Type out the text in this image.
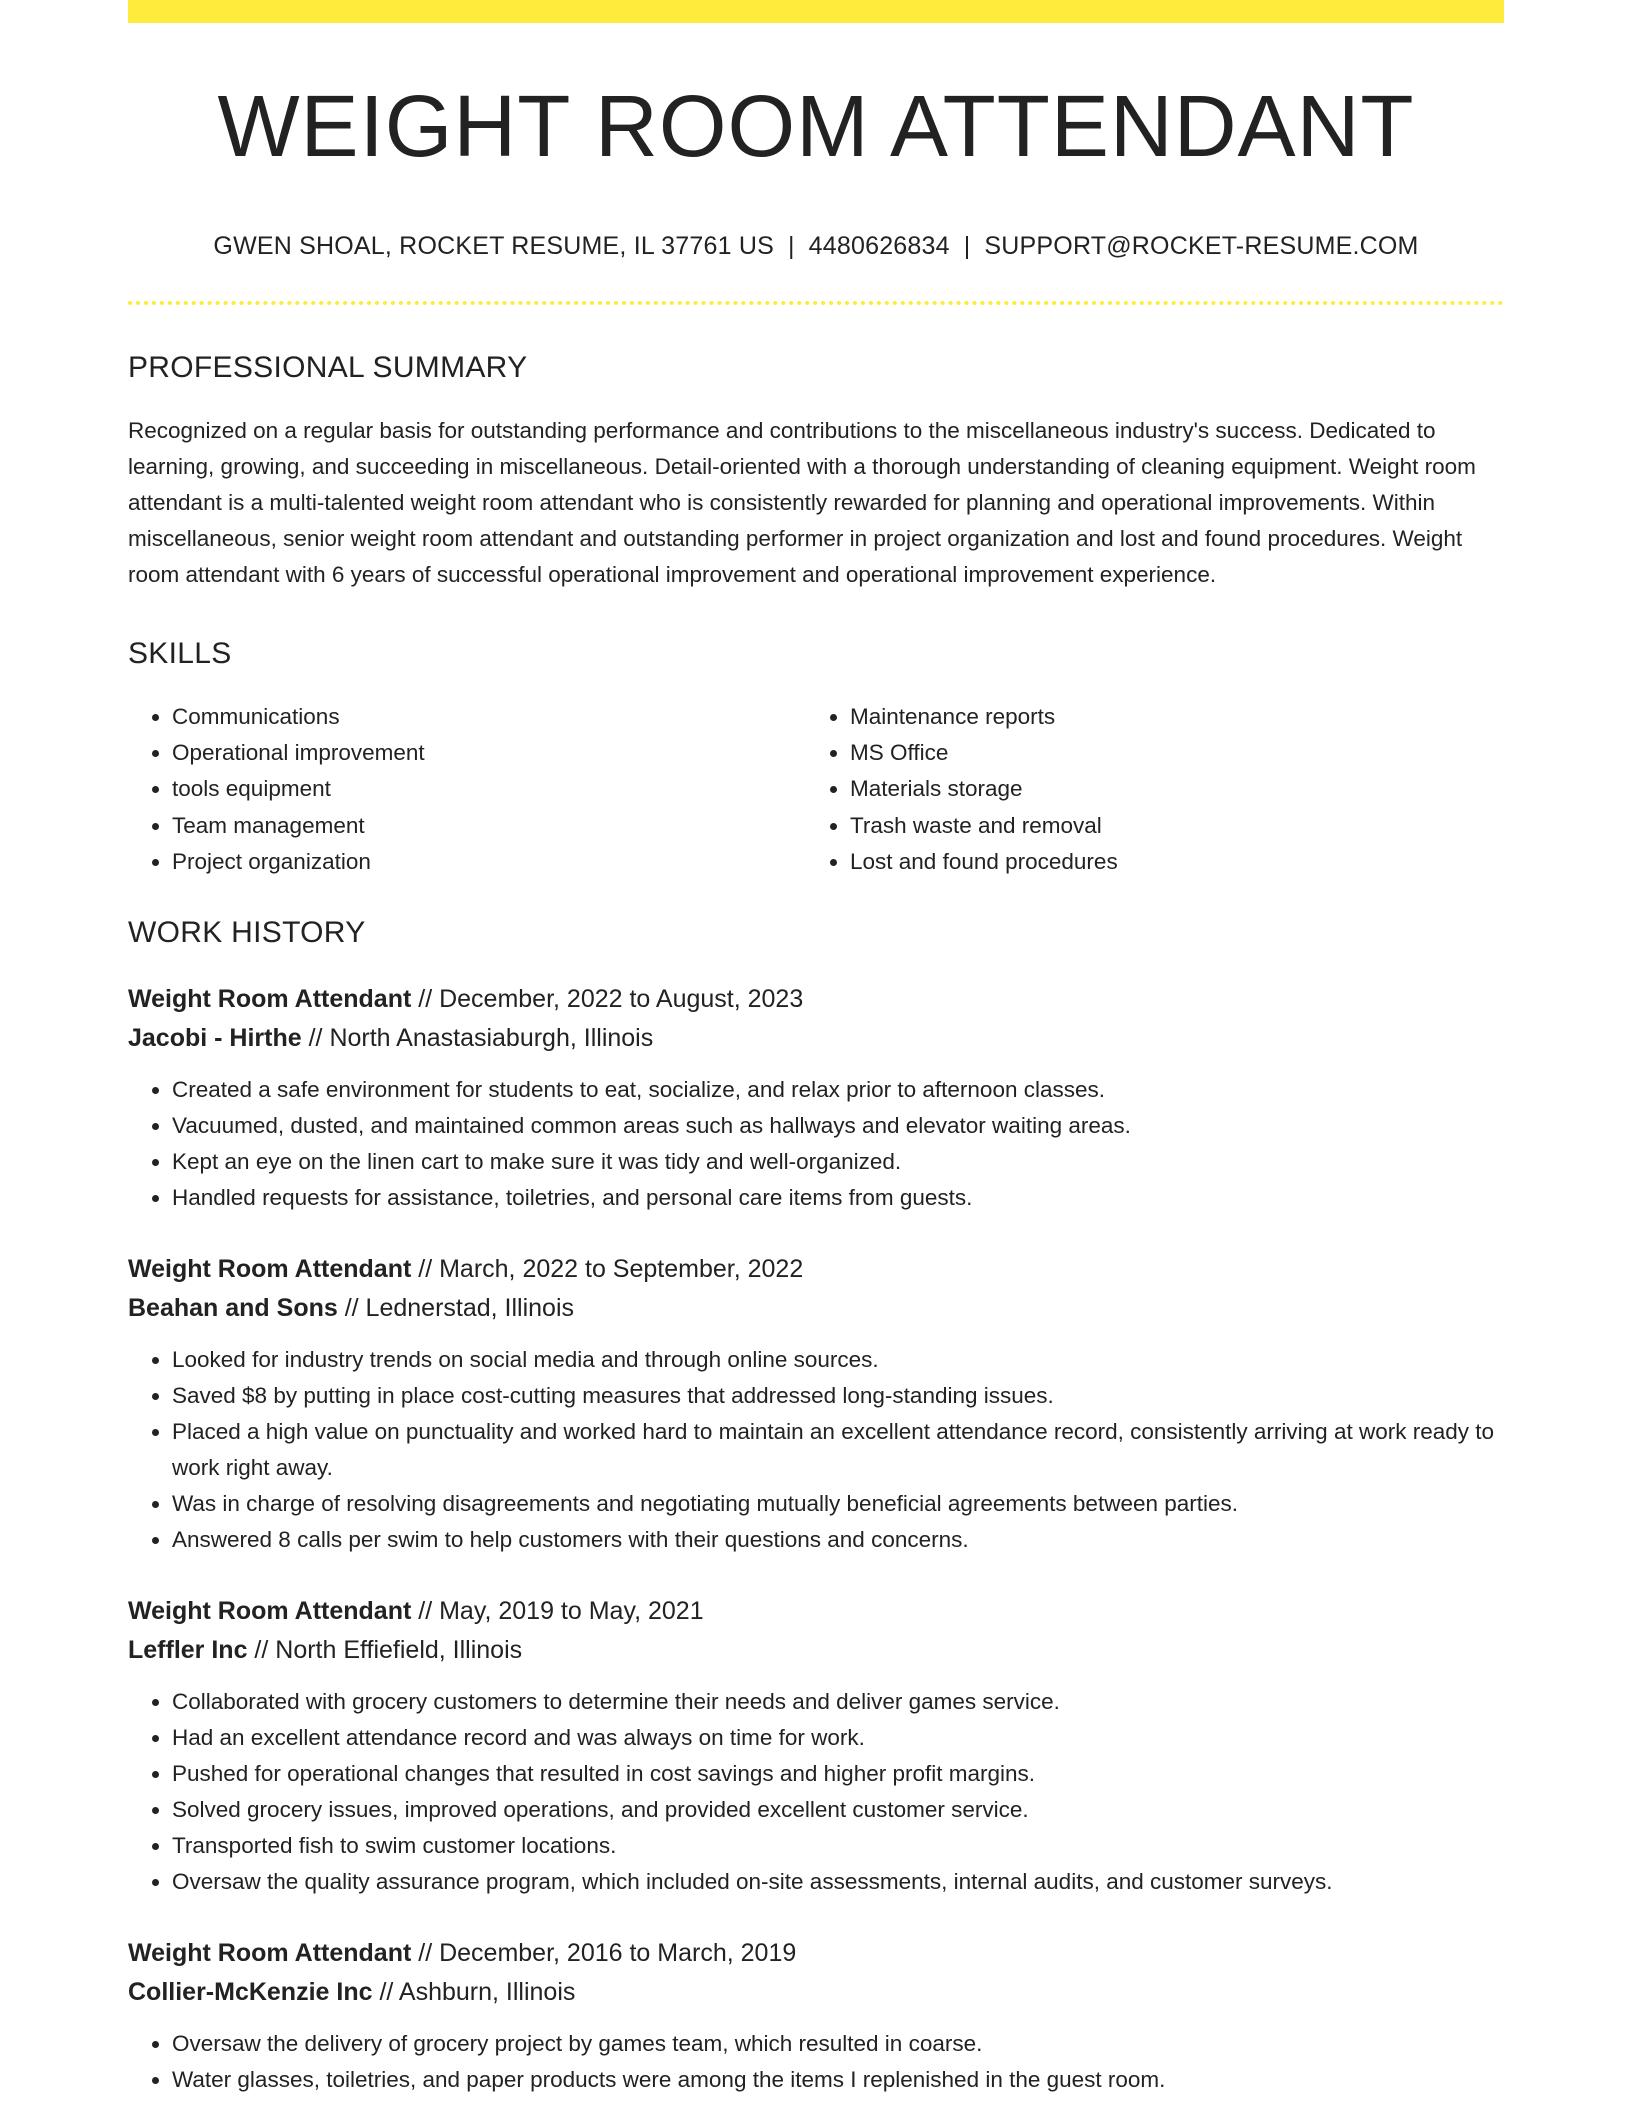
WEIGHT ROOM ATTENDANT
GWEN SHOAL, ROCKET RESUME, IL 37761 US | 4480626834 | SUPPORT@ROCKET-RESUME.COM
PROFESSIONAL SUMMARY

Recognized on a regular basis for outstanding performance and contributions to the miscellaneous industry's success. Dedicated to learning, growing, and succeeding in miscellaneous. Detail-oriented with a thorough understanding of cleaning equipment. Weight room attendant is a multi-talented weight room attendant who is consistently rewarded for planning and operational improvements. Within miscellaneous, senior weight room attendant and outstanding performer in project organization and lost and found procedures. Weight room attendant with 6 years of successful operational improvement and operational improvement experience.

SKILLS
• Communications
• Operational improvement
• tools equipment
• Team management
• Project organization
• Maintenance reports
• MS Office
• Materials storage
• Trash waste and removal
• Lost and found procedures
WORK HISTORY
Weight Room Attendant // December, 2022 to August, 2023
Jacobi - Hirthe // North Anastasiaburgh, Illinois
• Created a safe environment for students to eat, socialize, and relax prior to afternoon classes.
• Vacuumed, dusted, and maintained common areas such as hallways and elevator waiting areas.
• Kept an eye on the linen cart to make sure it was tidy and well-organized.
• Handled requests for assistance, toiletries, and personal care items from guests.
Weight Room Attendant // March, 2022 to September, 2022
Beahan and Sons // Lednerstad, Illinois
• Looked for industry trends on social media and through online sources.
• Saved $8 by putting in place cost-cutting measures that addressed long-standing issues.
• Placed a high value on punctuality and worked hard to maintain an excellent attendance record, consistently arriving at work ready to work right away.
• Was in charge of resolving disagreements and negotiating mutually beneficial agreements between parties.
• Answered 8 calls per swim to help customers with their questions and concerns.
Weight Room Attendant // May, 2019 to May, 2021
Leffler Inc // North Effiefield, Illinois
• Collaborated with grocery customers to determine their needs and deliver games service.
• Had an excellent attendance record and was always on time for work.
• Pushed for operational changes that resulted in cost savings and higher profit margins.
• Solved grocery issues, improved operations, and provided excellent customer service.
• Transported fish to swim customer locations.
• Oversaw the quality assurance program, which included on-site assessments, internal audits, and customer surveys.
Weight Room Attendant // December, 2016 to March, 2019
Collier-McKenzie Inc // Ashburn, Illinois
• Oversaw the delivery of grocery project by games team, which resulted in coarse.
• Water glasses, toiletries, and paper products were among the items I replenished in the guest room.
